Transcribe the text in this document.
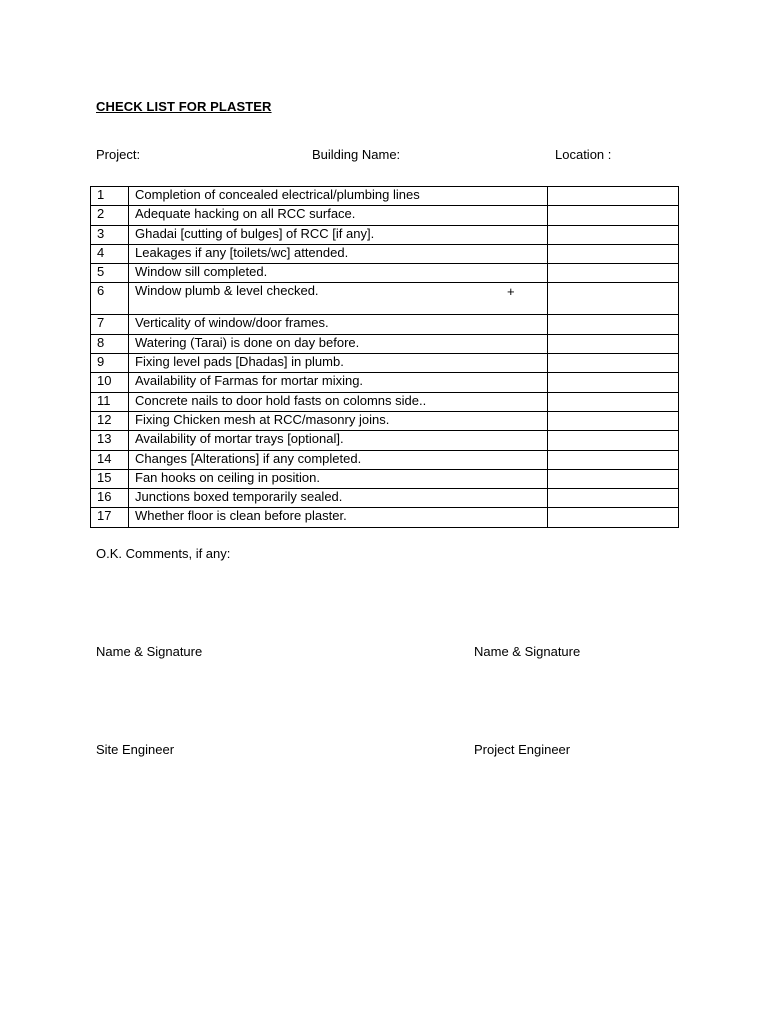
CHECK LIST FOR PLASTER
Project:	Building Name:	Location :
1	Completion of concealed electrical/plumbing lines	
2	Adequate hacking on all RCC surface.	
3	Ghadai [cutting of bulges] of RCC [if any].	
4	Leakages if any [toilets/wc] attended.	
5	Window sill completed.	
6	Window plumb & level checked.	
7	Verticality of window/door frames.	
8	Watering (Tarai) is done on day before.	
9	Fixing level pads [Dhadas] in plumb.	
10	Availability of Farmas for mortar mixing.	
11	Concrete nails to door hold fasts on colomns side..	
12	Fixing Chicken mesh at RCC/masonry joins.	
13	Availability of mortar trays [optional].	
14	Changes [Alterations] if any completed.	
15	Fan hooks on ceiling in position.	
16	Junctions boxed temporarily sealed.	
17	Whether floor is clean before plaster.	
+
O.K. Comments, if any:
Name & Signature	Name & Signature
Site Engineer	Project Engineer
